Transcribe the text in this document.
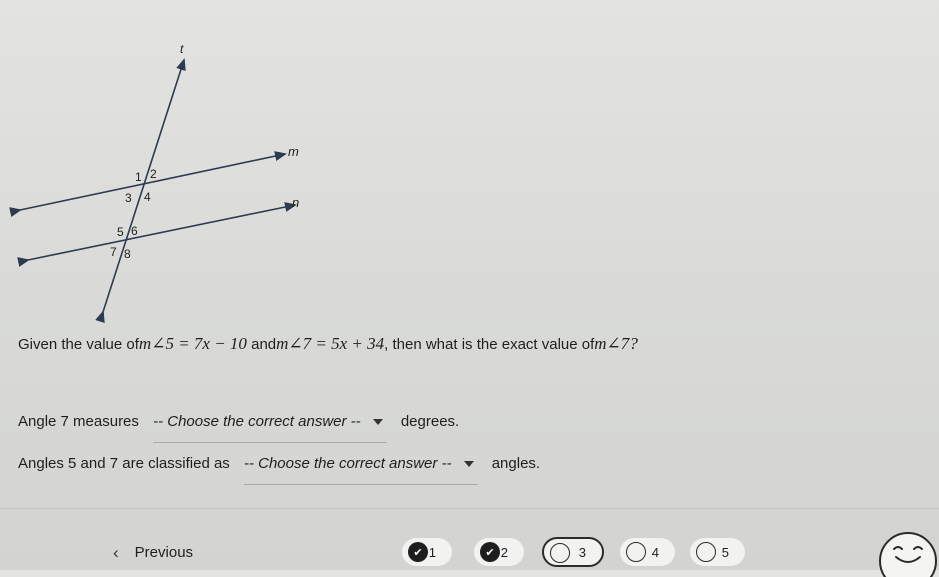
t
m
n
1 2
3 4
5 6
7 8
Given the value ofm∠5 = 7x − 10 andm∠7 = 5x + 34, then what is the exact value ofm∠7?
Angle 7 measures -- Choose the correct answer --	degrees.
Angles 5 and 7 are classified as -- Choose the correct answer --	angles.
‹ Previous	✔ 1	✔ 2	3	4	5
